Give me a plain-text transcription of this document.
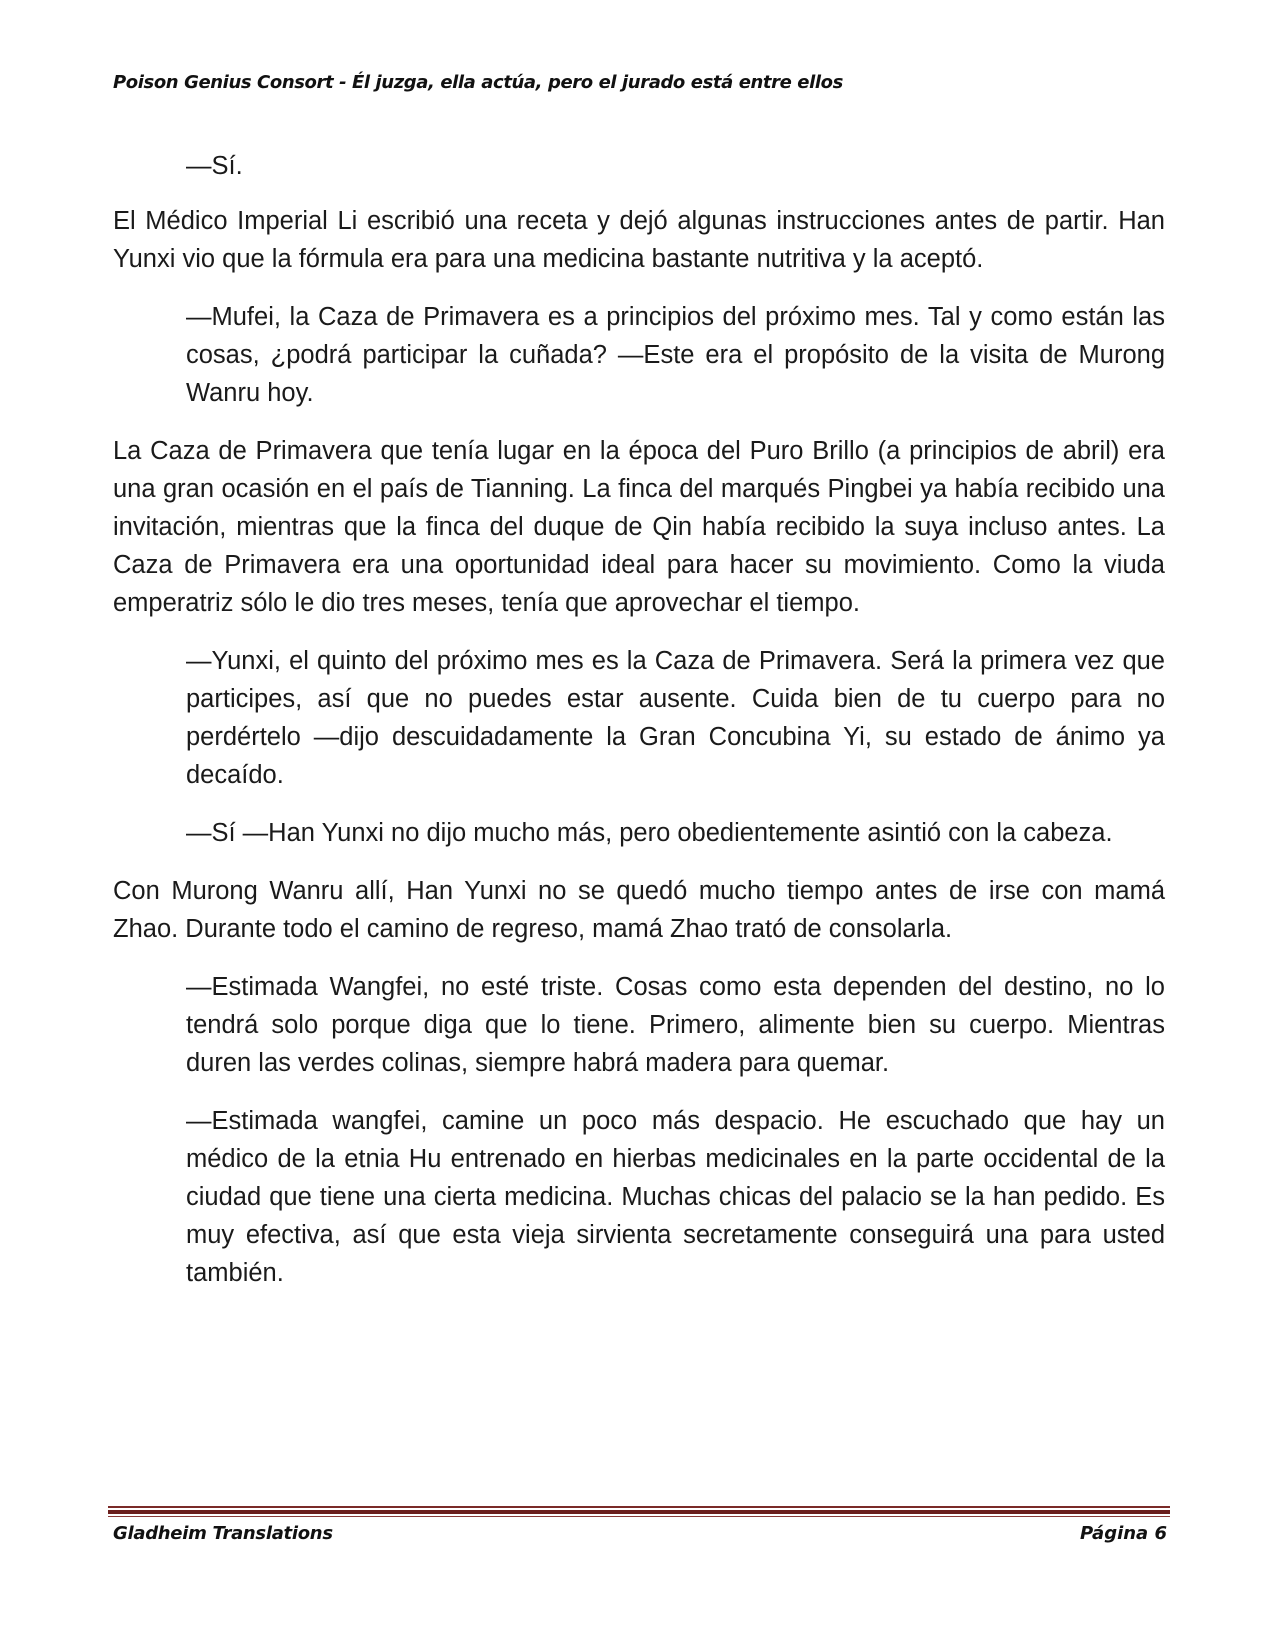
Poison Genius Consort - Él juzga, ella actúa, pero el jurado está entre ellos

—Sí.

El Médico Imperial Li escribió una receta y dejó algunas instrucciones antes de partir. Han Yunxi vio que la fórmula era para una medicina bastante nutritiva y la aceptó.

—Mufei, la Caza de Primavera es a principios del próximo mes. Tal y como están las cosas, ¿podrá participar la cuñada? —Este era el propósito de la visita de Murong Wanru hoy.

La Caza de Primavera que tenía lugar en la época del Puro Brillo (a principios de abril) era una gran ocasión en el país de Tianning. La finca del marqués Pingbei ya había recibido una invitación, mientras que la finca del duque de Qin había recibido la suya incluso antes. La Caza de Primavera era una oportunidad ideal para hacer su movimiento. Como la viuda emperatriz sólo le dio tres meses, tenía que aprovechar el tiempo.

—Yunxi, el quinto del próximo mes es la Caza de Primavera. Será la primera vez que participes, así que no puedes estar ausente. Cuida bien de tu cuerpo para no perdértelo —dijo descuidadamente la Gran Concubina Yi, su estado de ánimo ya decaído.

—Sí —Han Yunxi no dijo mucho más, pero obedientemente asintió con la cabeza.

Con Murong Wanru allí, Han Yunxi no se quedó mucho tiempo antes de irse con mamá Zhao. Durante todo el camino de regreso, mamá Zhao trató de consolarla.

—Estimada Wangfei, no esté triste. Cosas como esta dependen del destino, no lo tendrá solo porque diga que lo tiene. Primero, alimente bien su cuerpo. Mientras duren las verdes colinas, siempre habrá madera para quemar.

—Estimada wangfei, camine un poco más despacio. He escuchado que hay un médico de la etnia Hu entrenado en hierbas medicinales en la parte occidental de la ciudad que tiene una cierta medicina. Muchas chicas del palacio se la han pedido. Es muy efectiva, así que esta vieja sirvienta secretamente conseguirá una para usted también.

Gladheim Translations	Página 6
